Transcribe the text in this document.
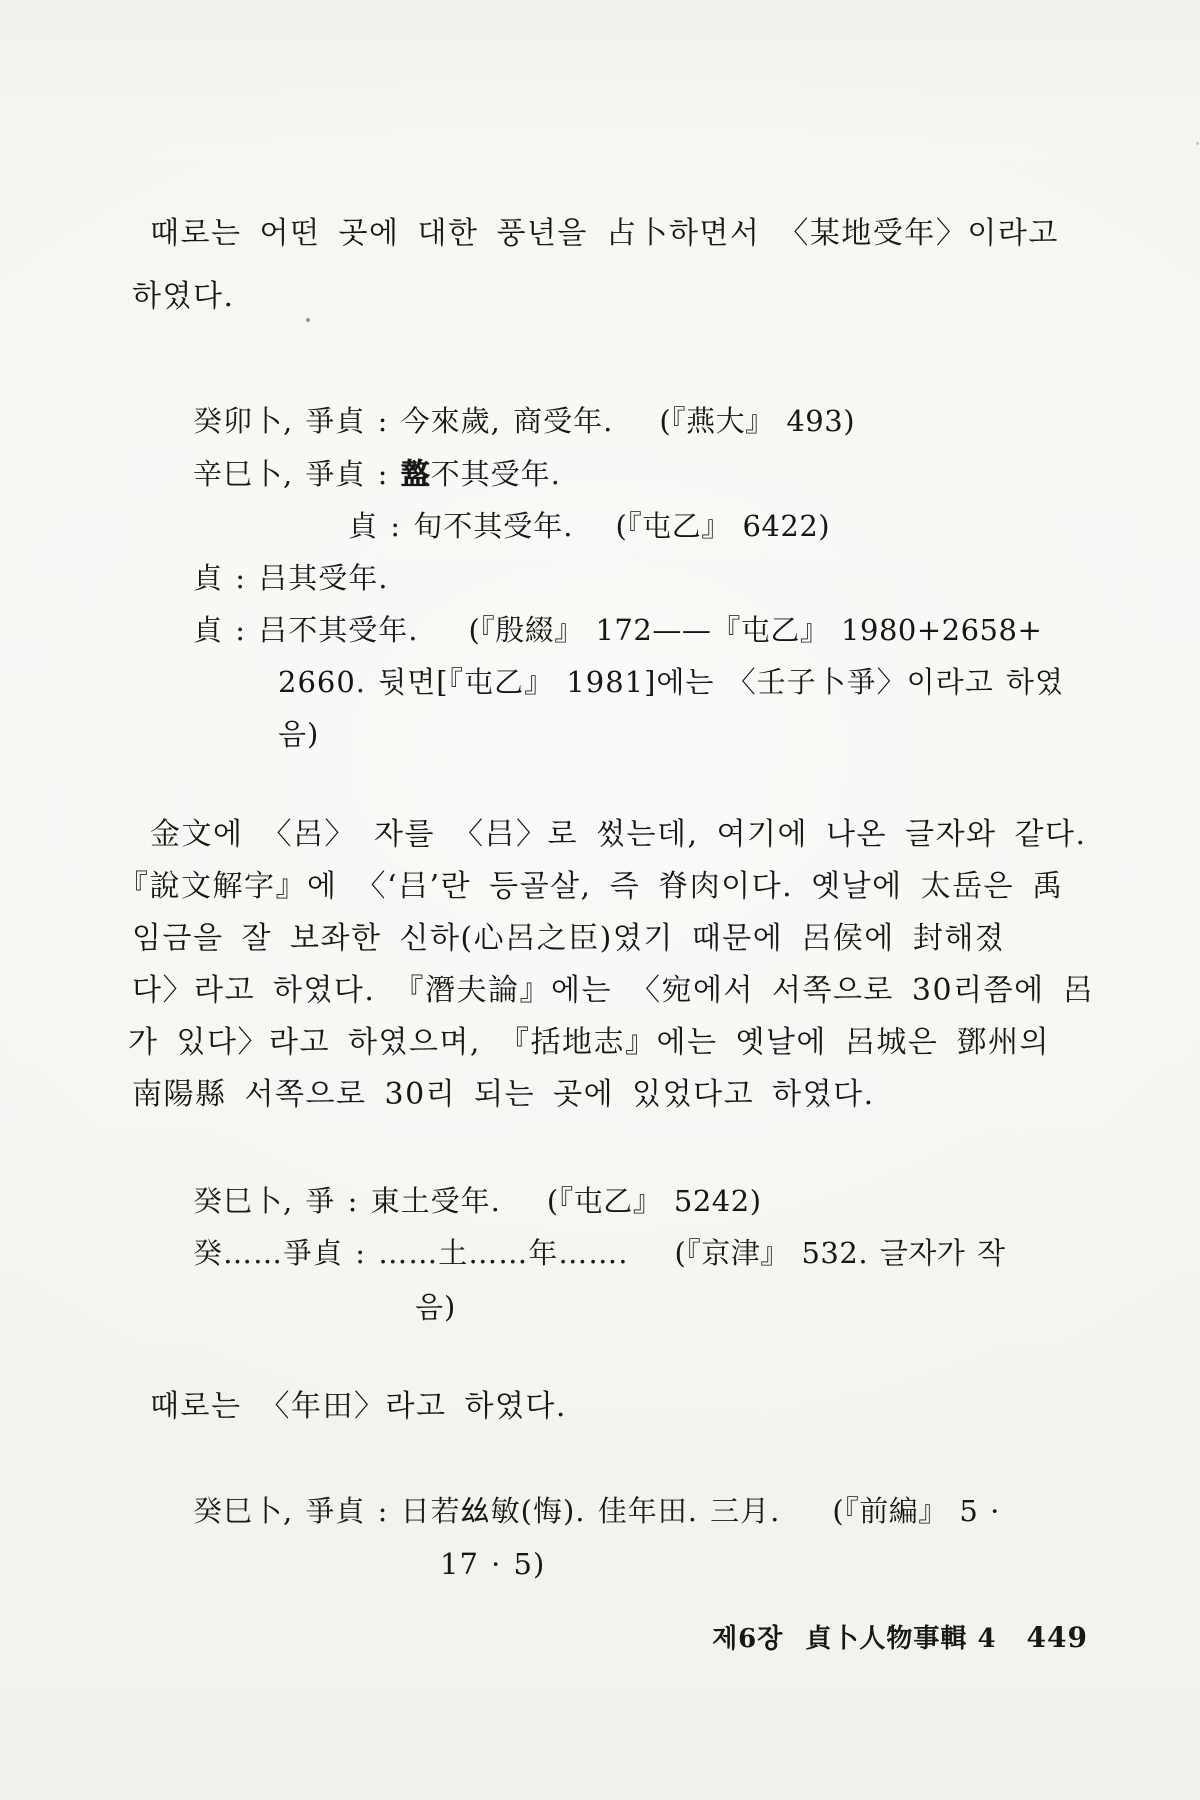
때로는 어떤 곳에 대한 풍년을 占卜하면서 〈某地受年〉이라고
하였다.
癸卯卜, 爭貞 : 今來歲, 商受年. (『燕大』 493)
辛巳卜, 爭貞 : 盩不其受年.
貞 : 旬不其受年. (『屯乙』 6422)
貞 : 吕其受年.
貞 : 吕不其受年. (『殷綴』 172——『屯乙』 1980+2658+
2660. 뒷면[『屯乙』 1981]에는 〈壬子卜爭〉이라고 하였
음)
金文에 〈呂〉 자를 〈吕〉로 썼는데, 여기에 나온 글자와 같다.
『說文解字』에 〈‘吕’란 등골살, 즉 脊肉이다. 옛날에 太岳은 禹
임금을 잘 보좌한 신하(心呂之臣)였기 때문에 呂侯에 封해졌
다〉라고 하였다. 『潛夫論』에는 〈宛에서 서쪽으로 30리쯤에 呂
가 있다〉라고 하였으며, 『括地志』에는 옛날에 呂城은 鄧州의
南陽縣 서쪽으로 30리 되는 곳에 있었다고 하였다.
癸巳卜, 爭 : 東土受年. (『屯乙』 5242)
癸……爭貞 : ……土……年……. (『京津』 532. 글자가 작
음)
때로는 〈年田〉라고 하였다.
癸巳卜, 爭貞 : 日若𢆶敏(悔). 佳年田. 三月. (『前編』 5 ·
17 · 5)
제6장 貞卜人物事輯 4 449
